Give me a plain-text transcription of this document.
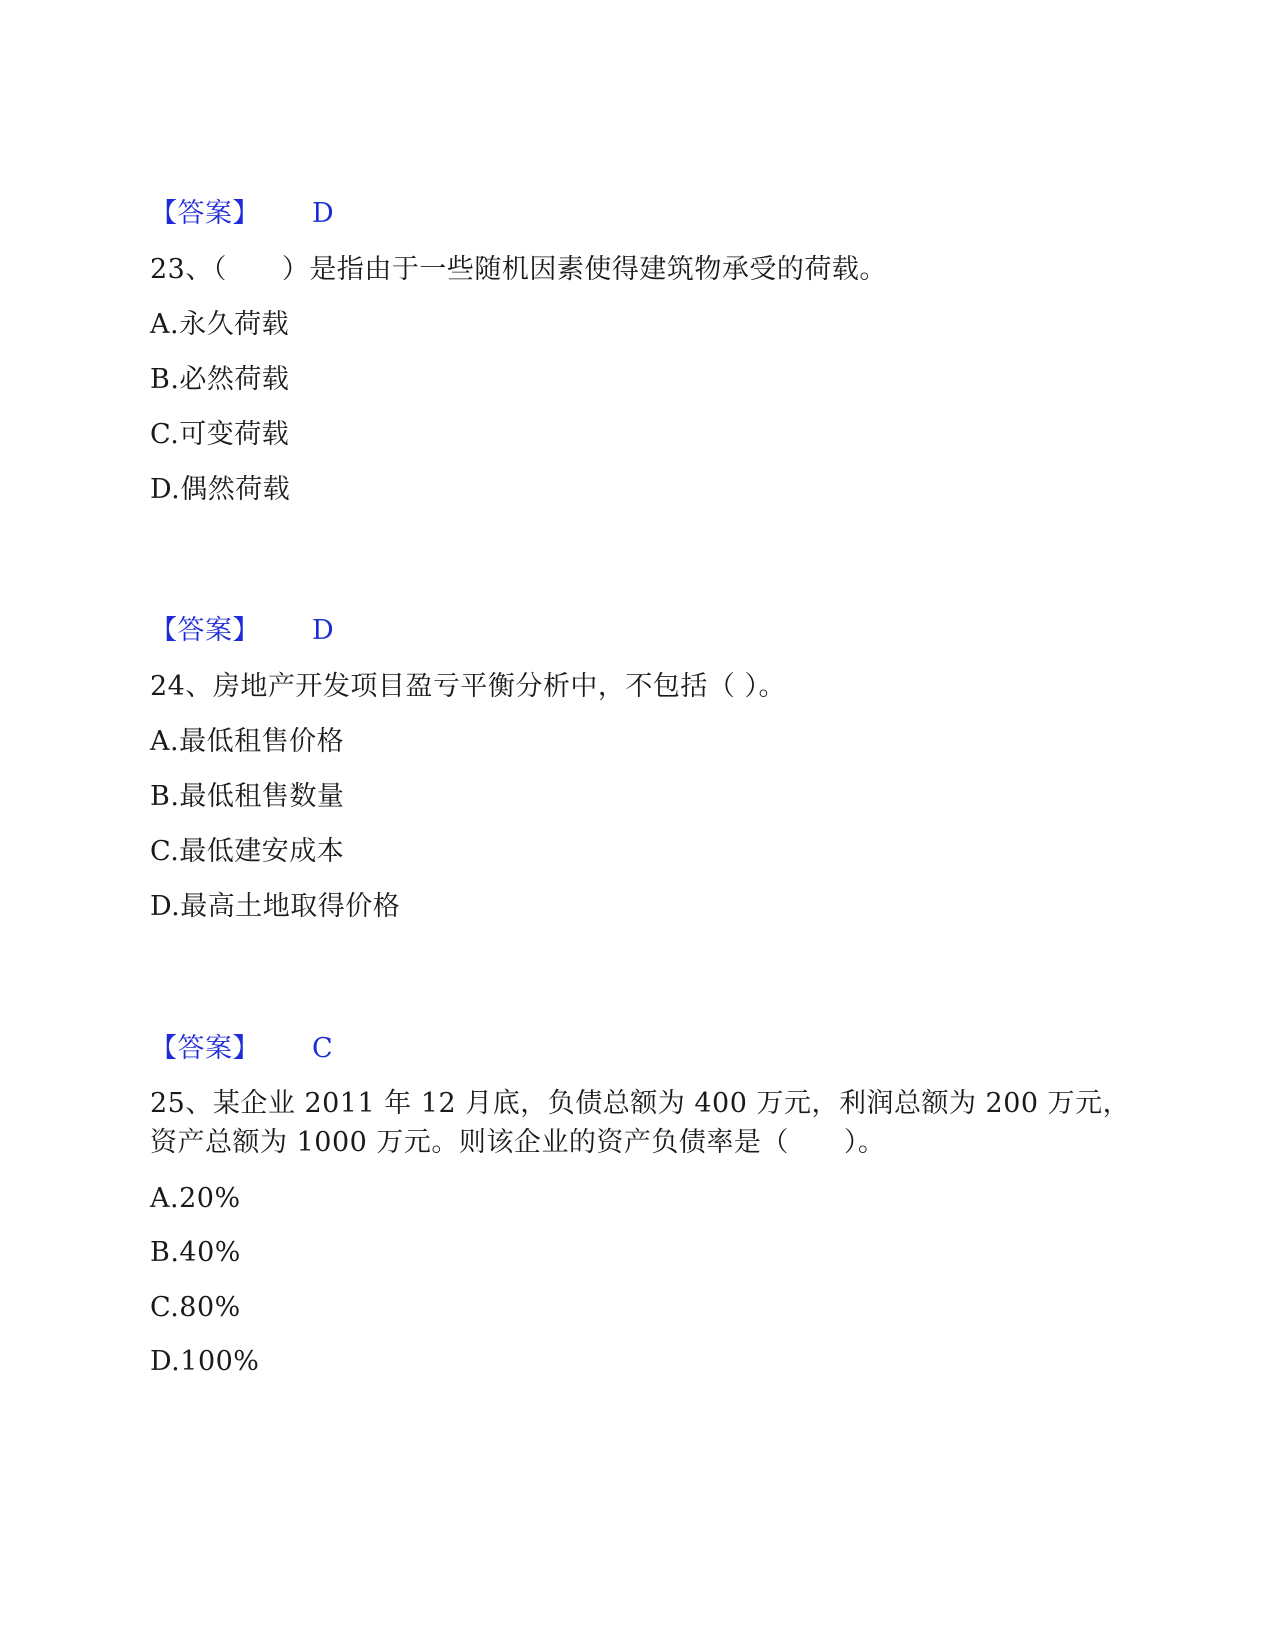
【答案】 D
23、（　　）是指由于一些随机因素使得建筑物承受的荷载。
A.永久荷载
B.必然荷载
C.可变荷载
D.偶然荷载
【答案】 D
24、房地产开发项目盈亏平衡分析中，不包括（ ）。
A.最低租售价格
B.最低租售数量
C.最低建安成本
D.最高土地取得价格
【答案】 C
25、某企业 2011 年 12 月底，负债总额为 400 万元，利润总额为 200 万元，
资产总额为 1000 万元。则该企业的资产负债率是（　　）。
A.20%
B.40%
C.80%
D.100%
